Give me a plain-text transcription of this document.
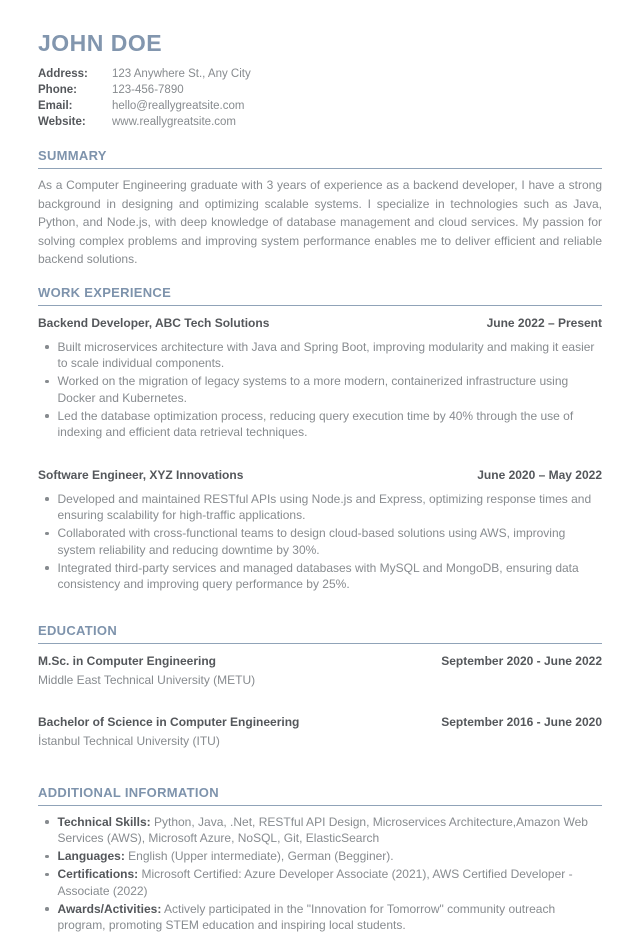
JOHN DOE
Address:	123 Anywhere St., Any City
Phone:	123-456-7890
Email:	hello@reallygreatsite.com
Website:	www.reallygreatsite.com
SUMMARY

As a Computer Engineering graduate with 3 years of experience as a backend developer, I have a strong background in designing and optimizing scalable systems. I specialize in technologies such as Java, Python, and Node.js, with deep knowledge of database management and cloud services. My passion for solving complex problems and improving system performance enables me to deliver efficient and reliable backend solutions.

WORK EXPERIENCE
Backend Developer, ABC Tech Solutions	June 2022 – Present
Built microservices architecture with Java and Spring Boot, improving modularity and making it easier to scale individual components.
Worked on the migration of legacy systems to a more modern, containerized infrastructure using Docker and Kubernetes.
Led the database optimization process, reducing query execution time by 40% through the use of indexing and efficient data retrieval techniques.
Software Engineer, XYZ Innovations	June 2020 – May 2022
Developed and maintained RESTful APIs using Node.js and Express, optimizing response times and ensuring scalability for high-traffic applications.
Collaborated with cross-functional teams to design cloud-based solutions using AWS, improving system reliability and reducing downtime by 30%.
Integrated third-party services and managed databases with MySQL and MongoDB, ensuring data consistency and improving query performance by 25%.
EDUCATION
M.Sc. in Computer Engineering	September 2020 - June 2022
Middle East Technical University (METU)
Bachelor of Science in Computer Engineering	September 2016 - June 2020
İstanbul Technical University (ITU)
ADDITIONAL INFORMATION
Technical Skills: Python, Java, .Net, RESTful API Design, Microservices Architecture,Amazon Web Services (AWS), Microsoft Azure, NoSQL, Git, ElasticSearch
Languages: English (Upper intermediate), German (Begginer).
Certifications: Microsoft Certified: Azure Developer Associate (2021), AWS Certified Developer - Associate (2022)
Awards/Activities: Actively participated in the "Innovation for Tomorrow" community outreach program, promoting STEM education and inspiring local students.
